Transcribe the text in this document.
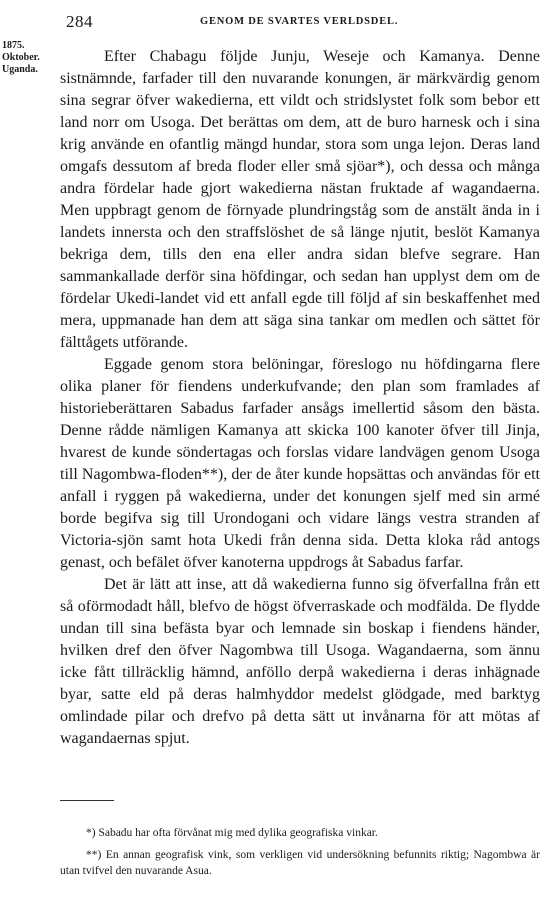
284	GENOM DE SVARTES VERLDSDEL.
1875.
Oktober.
Uganda.

Efter Chabagu följde Junju, Weseje och Kamanya. Denne sistnämnde, farfader till den nuvarande konungen, är märkvärdig genom sina segrar öfver wakedierna, ett vildt och stridslystet folk som bebor ett land norr om Usoga. Det berättas om dem, att de buro harnesk och i sina krig använde en ofantlig mängd hundar, stora som unga lejon. Deras land omgafs dessutom af breda floder eller små sjöar*), och dessa och många andra fördelar hade gjort wakedierna nästan fruktade af wagandaerna. Men uppbragt genom de förnyade plundringståg som de anstält ända in i landets innersta och den straffslöshet de så länge njutit, beslöt Kamanya bekriga dem, tills den ena eller andra sidan blefve segrare. Han sammankallade derför sina höfdingar, och sedan han upplyst dem om de fördelar Ukedi-landet vid ett anfall egde till följd af sin beskaffenhet med mera, uppmanade han dem att säga sina tankar om medlen och sättet för fälttågets utförande.

Eggade genom stora belöningar, föreslogo nu höfdingarna flere olika planer för fiendens underkufvande; den plan som framlades af historieberättaren Sabadus farfader ansågs imellertid såsom den bästa. Denne rådde nämligen Kamanya att skicka 100 kanoter öfver till Jinja, hvarest de kunde söndertagas och forslas vidare landvägen genom Usoga till Nagombwa-floden**), der de åter kunde hopsättas och användas för ett anfall i ryggen på wakedierna, under det konungen sjelf med sin armé borde begifva sig till Urondogani och vidare längs vestra stranden af Victoria-sjön samt hota Ukedi från denna sida. Detta kloka råd antogs genast, och befälet öfver kanoterna uppdrogs åt Sabadus farfar.

Det är lätt att inse, att då wakedierna funno sig öfverfallna från ett så oförmodadt håll, blefvo de högst öfverraskade och modfälda. De flydde undan till sina befästa byar och lemnade sin boskap i fiendens händer, hvilken dref den öfver Nagombwa till Usoga. Wagandaerna, som ännu icke fått tillräcklig hämnd, anföllo derpå wakedierna i deras inhägnade byar, satte eld på deras halmhyddor medelst glödgade, med barktyg omlindade pilar och drefvo på detta sätt ut invånarna för att mötas af wagandaernas spjut.

*) Sabadu har ofta förvånat mig med dylika geografiska vinkar.

**) En annan geografisk vink, som verkligen vid undersökning befunnits riktig; Nagombwa är utan tvifvel den nuvarande Asua.
